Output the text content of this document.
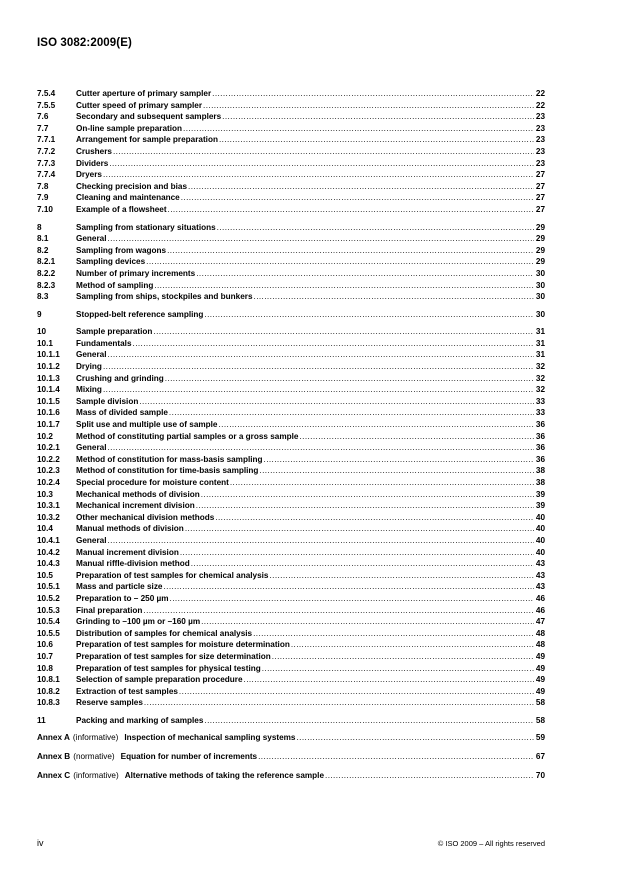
ISO 3082:2009(E)
7.5.4	Cutter aperture of primary sampler .....	22
7.5.5	Cutter speed of primary sampler .....	22
7.6	Secondary and subsequent samplers .....	23
7.7	On-line sample preparation .....	23
7.7.1	Arrangement for sample preparation .....	23
7.7.2	Crushers .....	23
7.7.3	Dividers .....	23
7.7.4	Dryers .....	27
7.8	Checking precision and bias .....	27
7.9	Cleaning and maintenance .....	27
7.10	Example of a flowsheet .....	27
8	Sampling from stationary situations .....	29
8.1	General .....	29
8.2	Sampling from wagons .....	29
8.2.1	Sampling devices .....	29
8.2.2	Number of primary increments .....	30
8.2.3	Method of sampling .....	30
8.3	Sampling from ships, stockpiles and bunkers .....	30
9	Stopped-belt reference sampling .....	30
10	Sample preparation .....	31
10.1	Fundamentals .....	31
10.1.1	General .....	31
10.1.2	Drying .....	32
10.1.3	Crushing and grinding .....	32
10.1.4	Mixing .....	32
10.1.5	Sample division .....	33
10.1.6	Mass of divided sample .....	33
10.1.7	Split use and multiple use of sample .....	36
10.2	Method of constituting partial samples or a gross sample .....	36
10.2.1	General .....	36
10.2.2	Method of constitution for mass-basis sampling .....	36
10.2.3	Method of constitution for time-basis sampling .....	38
10.2.4	Special procedure for moisture content .....	38
10.3	Mechanical methods of division .....	39
10.3.1	Mechanical increment division .....	39
10.3.2	Other mechanical division methods .....	40
10.4	Manual methods of division .....	40
10.4.1	General .....	40
10.4.2	Manual increment division .....	40
10.4.3	Manual riffle-division method .....	43
10.5	Preparation of test samples for chemical analysis .....	43
10.5.1	Mass and particle size .....	43
10.5.2	Preparation to – 250 µm .....	46
10.5.3	Final preparation .....	46
10.5.4	Grinding to –100 µm or –160 µm .....	47
10.5.5	Distribution of samples for chemical analysis .....	48
10.6	Preparation of test samples for moisture determination .....	48
10.7	Preparation of test samples for size determination .....	49
10.8	Preparation of test samples for physical testing .....	49
10.8.1	Selection of sample preparation procedure .....	49
10.8.2	Extraction of test samples .....	49
10.8.3	Reserve samples .....	58
11	Packing and marking of samples .....	58
Annex A (informative) Inspection of mechanical sampling systems .....	59
Annex B (normative) Equation for number of increments .....	67
Annex C (informative) Alternative methods of taking the reference sample .....	70
iv	© ISO 2009 – All rights reserved
